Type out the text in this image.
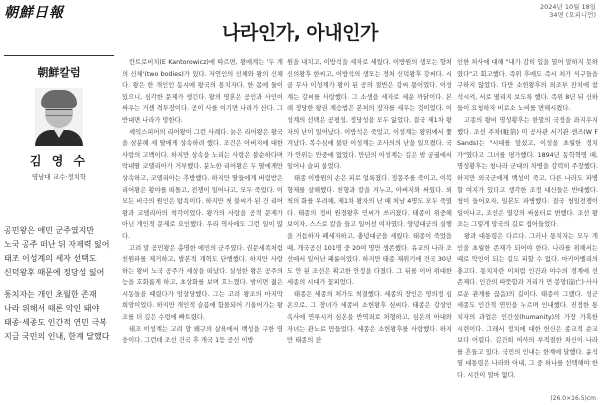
朝鮮日報	2024년 10월 18일
34면 (오피니언)
나라인가, 아내인가
朝鮮칼럼
김 영 수
영남대 교수·정치학

공민왕은 애민 군주였지만

노국 공주 떠난 뒤 자제력 잃어

태조 이성계의 세자 선택도

신덕왕후 때문에 정당성 잃어

통치자는 개인 초월한 존재

나라 위해서 때론 악인 돼야

태종·세종도 인간적 연민 극복

지금 국민의 인내, 한계 달했다

칸트로비치(E Kantorowicz)에 따르면, 왕에게는 '두 개의 신체'(two bodies)가 있다. 자연인의 신체와 왕의 신체다. 왕은 한 개인인 동시에 왕국의 통치자다. 한 몸에 둘이 있으니, 심각한 문제가 생긴다. 왕의 영혼은 공인과 사인이 싸우는 거센 격투장이다. 공이 사를 이기면 나라가 산다. 그 반대면 나라가 망한다.

셰익스피어의 리어왕이 그런 사례다. 늙은 리어왕은 왕국을 삼분해 세 딸에게 상속하려 했다. 조건은 아버지에 대한 사랑의 고백이다. 하지만 상속을 노리는 사랑은 불순하다며 막내딸 코델리아가 거부했다. 분노한 리어왕은 두 딸에게만 상속하고, 코델리아는 추방했다. 하지만 딸들에게 버림받은 리어왕은 황야를 떠돌고, 전쟁이 일어나고, 모두 죽었다. 이 모든 비극의 원인은 탐욕이다. 하지만 첫 불씨가 된 건 리어왕과 코델리아의 착각이었다. 왕가의 사랑을 공적 문제가 아닌 개인적 문제로 오인했다. 우리 역사에도 그런 일이 많다.

고려 말 공민왕은 총명한 애민의 군주였다. 권문세족처럼 친원파를 제거하고, 발본적 개혁도 단행했다. 하지만 사랑하는 왕비 노국 공주가 세상을 떠났다. 실성한 왕은 공주의 능을 호화롭게 하고, 초상화를 보며 흐느꼈다. 밤이면 젊은 시동들을 때렸다가 암살당했다. 그는 고려 왕조의 마지막 희망이었다. 하지만 개인적 슬픔에 함몰되어 기울어가는 왕조를 더 깊은 수렁에 빠트렸다.

태조 이성계는 고려 말 왜구의 살육에서 백성을 구한 영웅이다. 그런데 조선 건국 후 개국 1등 공신 이방

원을 내치고, 이방석을 세자로 세웠다. 이방원의 생모는 향처 신의왕후 한씨고, 이방석의 생모는 경처 신덕왕후 강씨다. 시골 무사 이성계가 왕이 된 공의 절반은 강씨 몫이었다. 이성계는 강씨를 사랑했다. 그 소생을 세자로 세운 까닭이다. 본래 정당한 왕권 계승법은 본처의 장자를 세우는 것이었다. 이성계의 선택은 공평성, 정당성을 모두 잃었다. 결국 제1차 왕자의 난이 일어났다. 이방석은 죽었고, 이성계는 왕위에서 쫓겨났다. 복수심에 불탄 이성계는 조사의의 난을 일으켰다. 국가 안위는 안중에 없었다. 만년의 이성계는 깊은 밤 궁궐에서 일어나 슬피 울었다.

태종 이방원의 손은 피로 얼룩졌다. 정몽주를 죽이고, 이복형제를 살해했다. 친형과 칼을 겨누고, 아버지와 싸웠다. 외척의 화를 우려해, 제1차 왕자의 난 때 처남 4명도 모두 죽였다. 태종의 정비 원경왕후 민씨가 쓰러졌다. 태종이 위중해 보이자, 스스로 칼을 들고 일어선 여자였다. 양녕대군의 실행을 거듭하자 폐세자하고, 충녕대군을 세웠다. 태종이 죽었을 때, 개국공신 101명 중 20여 명만 생존했다. 유교의 나라 조선에서 일어난 패륜이었다. 하지만 태종 재위기에 건국 30년도 안 된 조선은 확고한 안정을 다졌다. 그 뒤를 이어 위대한 세종의 시대가 꽃피었다.

태종은 세종의 처가도 척결했다. 세종의 장인은 영의정 심온으로, 그 장녀가 세종비 소헌왕후 심씨다. 태종은 강상인 옥사에 연루시켜 심온을 반역죄로 처형하고, 심온의 아내와 자녀는 관노로 만들었다. 세종은 소헌왕후를 사랑했다. 하지만 태종의 잔

인한 처사에 대해 "내가 감히 입을 열어 말하지 못하였다"고 회고했다. 즉위 후에도 즉시 처가 식구들을 구하지 않았다. 다만 소헌왕후의 외조부 잔치에 참석시켜, 서로 떨리지 보도록 했다. 즉위 8년 뒤 신하들이 요청하자 비로소 노비를 면해시켰다.

고종의 왕비 명성황후는 한말의 국정을 좌지우지했다. 조선 주차(駐箚) 미 공사관 서기관 샌즈(W F Sands)는 "시대를 앞섰고, 이성을 초월한 정치가"였다고 그녀를 평가했다. 1894년 동학혁명 때, 명성황후는 청나라 군대의 차병을 강력히 주장했다. 하지만 외국군에게 백성이 죽고, 다른 나라도 파병할 여지가 있다고 생각한 조정 대신들은 반대했다. 청이 들어오자, 일본도 파병했다. 결국 청일전쟁이 일어나고, 조선은 열강의 싸움터로 변했다. 조선 왕조는 그렇게 망국의 길로 접어들었다.

왕과 대통령은 다르다. 그러나 통치자는 모두 개인을 초월한 존재가 되어야 한다. 나라를 위해서는 때로 악인이 되는 길도 피할 수 없다. 마키아벨리의 충고다. 통치자란 이처럼 인간과 야수의 경계에 선 존재다. 인간의 따뜻함과 거리가 먼 봉망(崩亡)·사사로운 관계를 끊음)의 길이다. 태종이 그랬다. 성군 세종도 인간적 연민을 누르며 인내했다. 진정한 통치자의 과업은 인간성(humanity)의 가장 가혹한 시련이다. 그래서 정치에 대한 헌신은 종교적 순교보다 어렵다. 김건희 여사의 부적절한 처신이 나라를 흔들고 있다. 국민의 인내는 한계에 달했다. 윤석열 대통령은 나라와 아내, 그 중 하나를 선택해야 한다. 시간이 얼마 없다.

(26.0×16.5)cm
